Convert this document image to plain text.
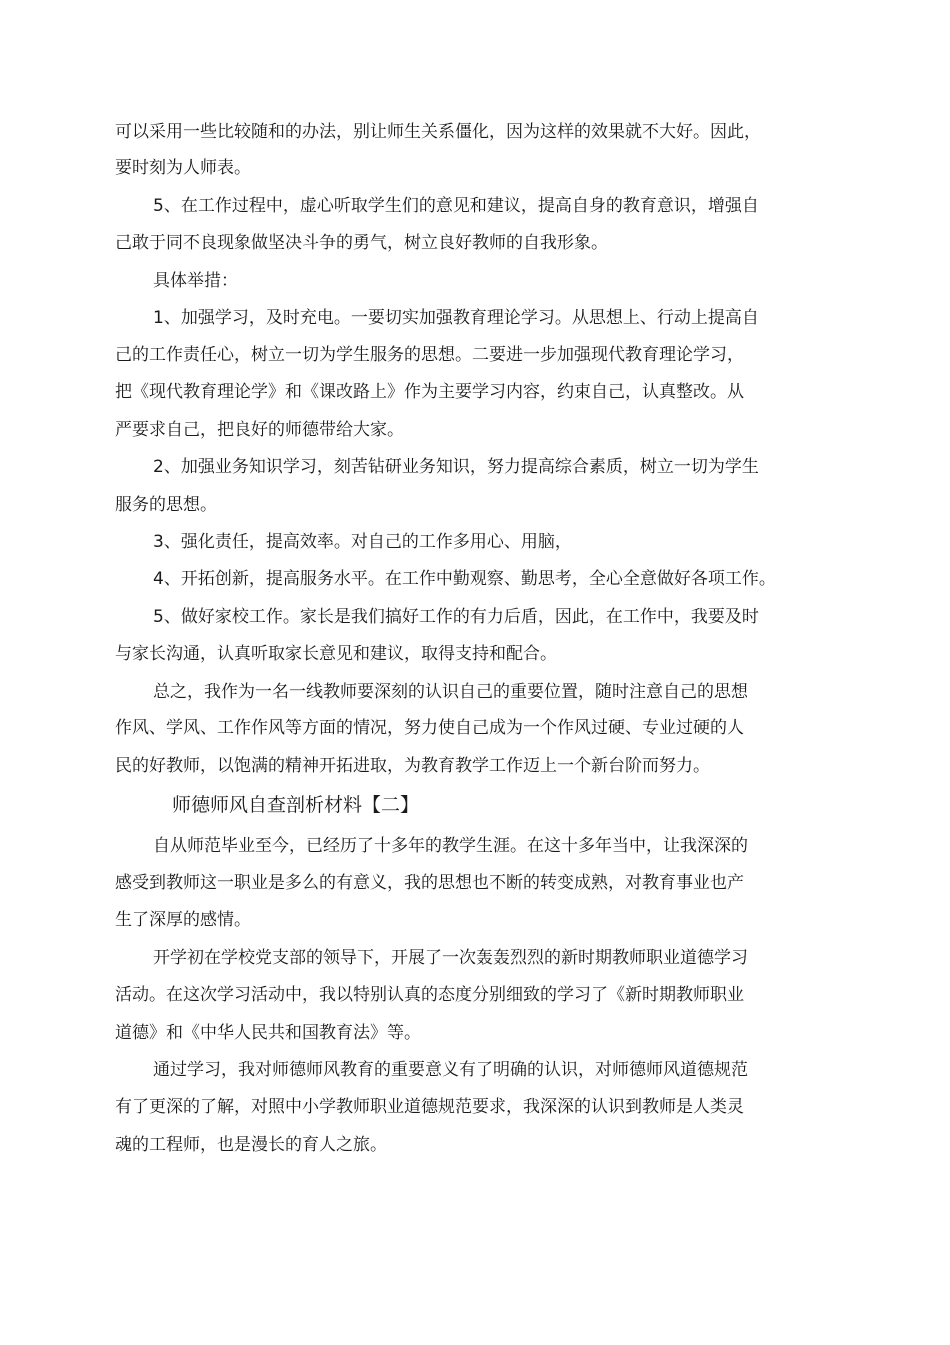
可以采用一些比较随和的办法，别让师生关系僵化，因为这样的效果就不大好。因此，

要时刻为人师表。

5、在工作过程中，虚心听取学生们的意见和建议，提高自身的教育意识，增强自

己敢于同不良现象做坚决斗争的勇气，树立良好教师的自我形象。

具体举措：

1、加强学习，及时充电。一要切实加强教育理论学习。从思想上、行动上提高自

己的工作责任心，树立一切为学生服务的思想。二要进一步加强现代教育理论学习，

把《现代教育理论学》和《课改路上》作为主要学习内容，约束自己，认真整改。从

严要求自己，把良好的师德带给大家。

2、加强业务知识学习，刻苦钻研业务知识，努力提高综合素质，树立一切为学生

服务的思想。

3、强化责任，提高效率。对自己的工作多用心、用脑，

4、开拓创新，提高服务水平。在工作中勤观察、勤思考，全心全意做好各项工作。

5、做好家校工作。家长是我们搞好工作的有力后盾，因此，在工作中，我要及时

与家长沟通，认真听取家长意见和建议，取得支持和配合。

总之，我作为一名一线教师要深刻的认识自己的重要位置，随时注意自己的思想

作风、学风、工作作风等方面的情况，努力使自己成为一个作风过硬、专业过硬的人

民的好教师，以饱满的精神开拓进取，为教育教学工作迈上一个新台阶而努力。

师德师风自查剖析材料【二】

自从师范毕业至今，已经历了十多年的教学生涯。在这十多年当中，让我深深的

感受到教师这一职业是多么的有意义，我的思想也不断的转变成熟，对教育事业也产

生了深厚的感情。

开学初在学校党支部的领导下，开展了一次轰轰烈烈的新时期教师职业道德学习

活动。在这次学习活动中，我以特别认真的态度分别细致的学习了《新时期教师职业

道德》和《中华人民共和国教育法》等。

通过学习，我对师德师风教育的重要意义有了明确的认识，对师德师风道德规范

有了更深的了解，对照中小学教师职业道德规范要求，我深深的认识到教师是人类灵

魂的工程师，也是漫长的育人之旅。
